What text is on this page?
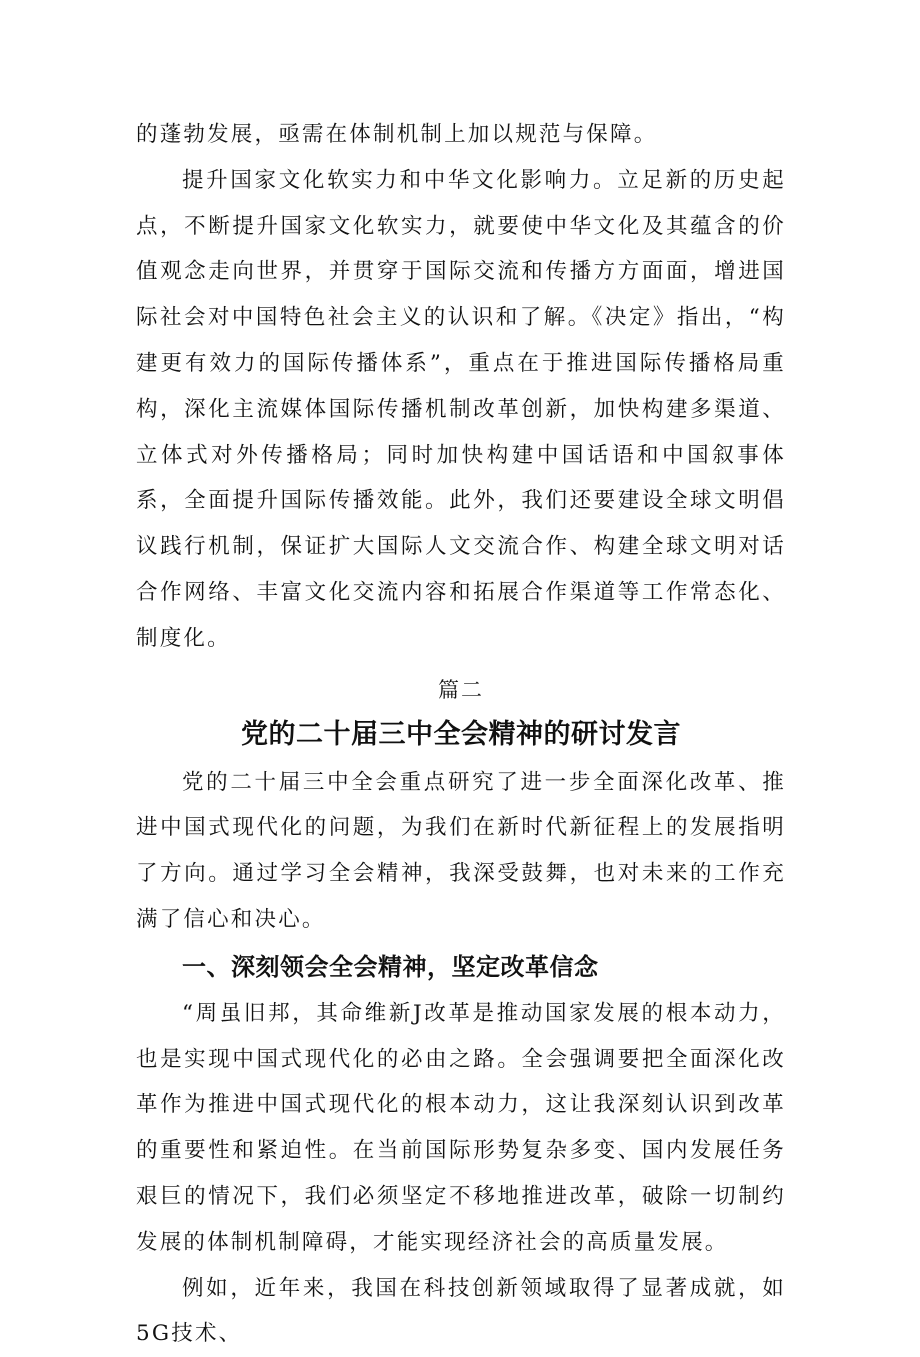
的蓬勃发展，亟需在体制机制上加以规范与保障。

提升国家文化软实力和中华文化影响力。立足新的历史起点，不断提升国家文化软实力，就要使中华文化及其蕴含的价值观念走向世界，并贯穿于国际交流和传播方方面面，增进国际社会对中国特色社会主义的认识和了解。《决定》指出，“构建更有效力的国际传播体系”，重点在于推进国际传播格局重构，深化主流媒体国际传播机制改革创新，加快构建多渠道、立体式对外传播格局；同时加快构建中国话语和中国叙事体系，全面提升国际传播效能。此外，我们还要建设全球文明倡议践行机制，保证扩大国际人文交流合作、构建全球文明对话合作网络、丰富文化交流内容和拓展合作渠道等工作常态化、制度化。

篇二

党的二十届三中全会精神的研讨发言

党的二十届三中全会重点研究了进一步全面深化改革、推进中国式现代化的问题，为我们在新时代新征程上的发展指明了方向。通过学习全会精神，我深受鼓舞，也对未来的工作充满了信心和决心。

一、深刻领会全会精神，坚定改革信念

“周虽旧邦，其命维新J改革是推动国家发展的根本动力，也是实现中国式现代化的必由之路。全会强调要把全面深化改革作为推进中国式现代化的根本动力，这让我深刻认识到改革的重要性和紧迫性。在当前国际形势复杂多变、国内发展任务艰巨的情况下，我们必须坚定不移地推进改革，破除一切制约发展的体制机制障碍，才能实现经济社会的高质量发展。

例如，近年来，我国在科技创新领域取得了显著成就，如5G技术、
